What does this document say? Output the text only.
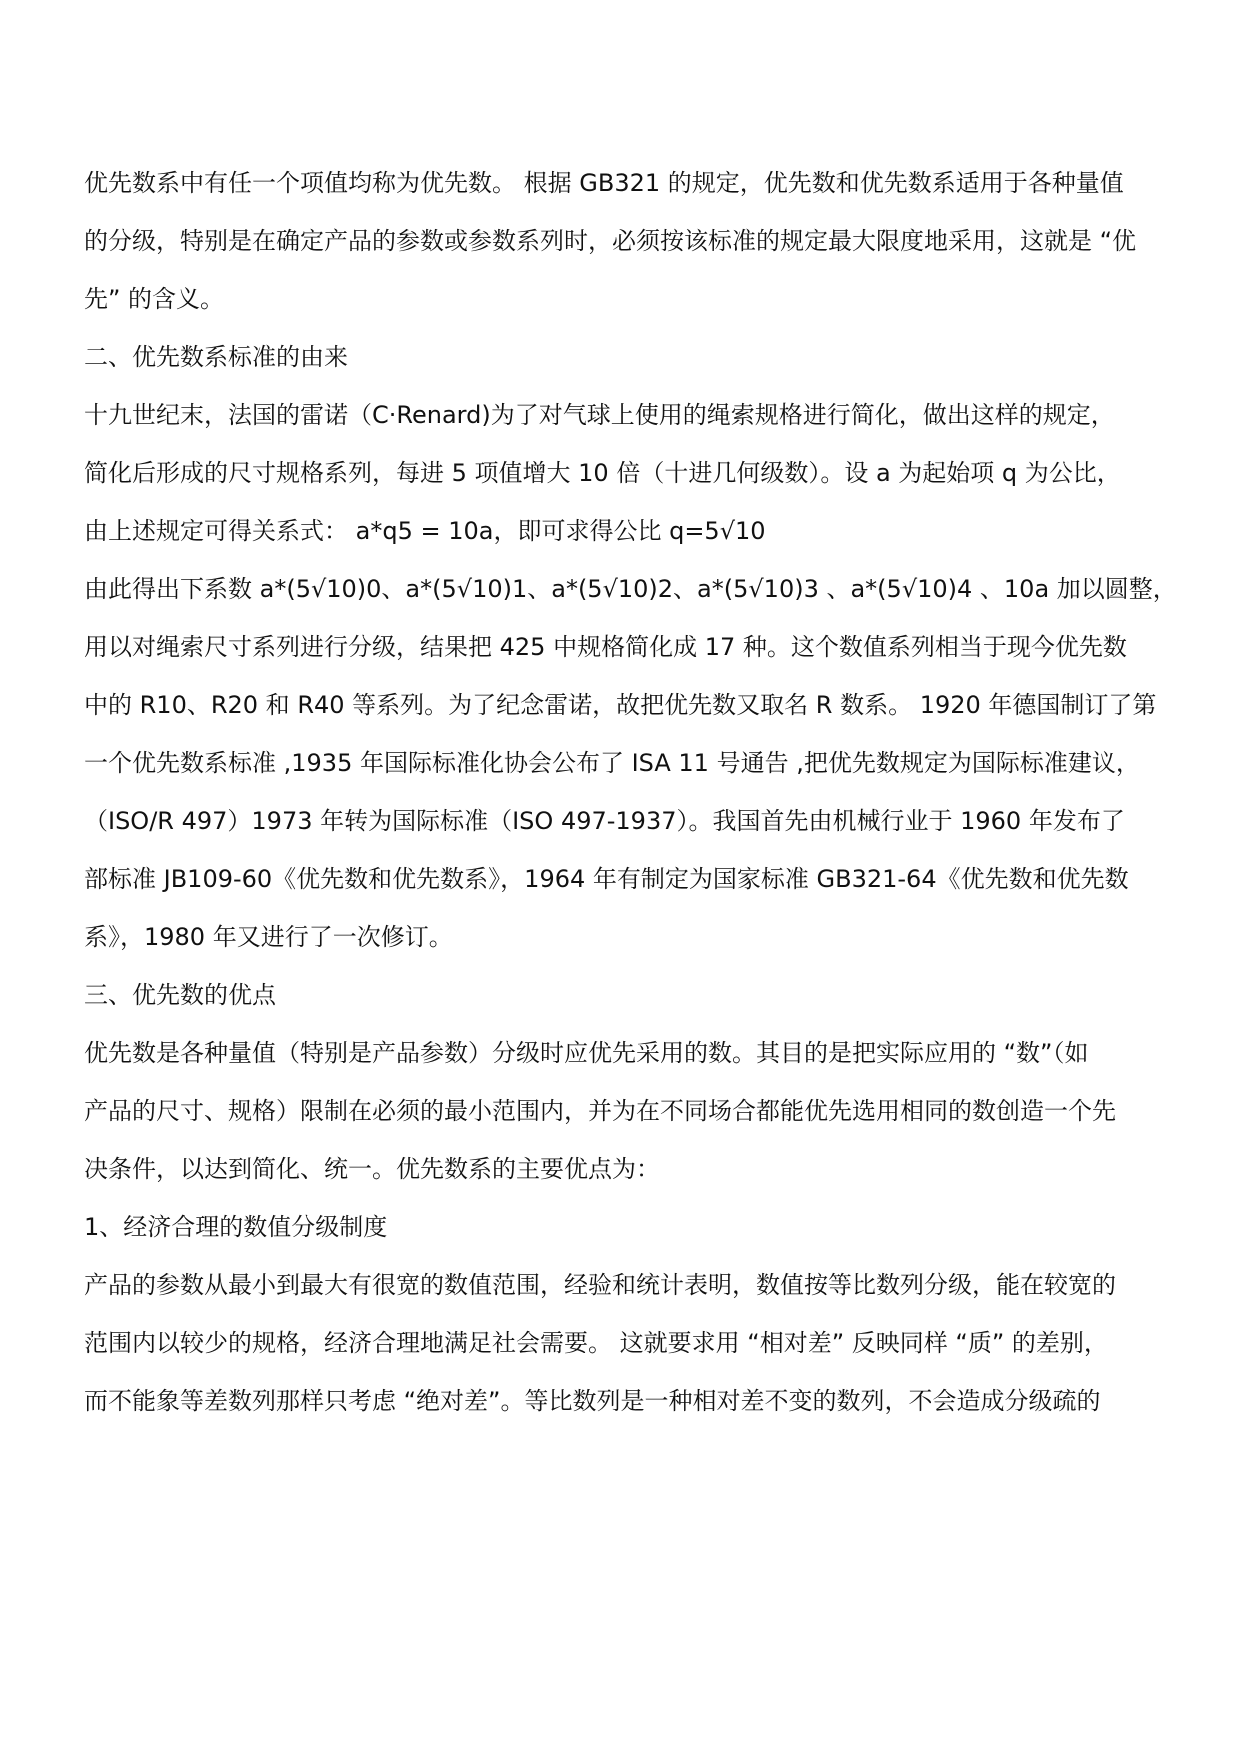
优先数系中有任一个项值均称为优先数。 根据 GB321 的规定，优先数和优先数系适用于各种量值
的分级，特别是在确定产品的参数或参数系列时，必须按该标准的规定最大限度地采用，这就是 “优
先” 的含义。
二、优先数系标准的由来
十九世纪末，法国的雷诺（C·Renard)为了对气球上使用的绳索规格进行简化，做出这样的规定，
简化后形成的尺寸规格系列，每进 5 项值增大 10 倍（十进几何级数）。设 a 为起始项 q 为公比，
由上述规定可得关系式： a*q5 = 10a，即可求得公比 q=5√10
由此得出下系数 a*(5√10)0、a*(5√10)1、a*(5√10)2、a*(5√10)3 、a*(5√10)4 、10a 加以圆整，
用以对绳索尺寸系列进行分级，结果把 425 中规格简化成 17 种。这个数值系列相当于现今优先数
中的 R10、R20 和 R40 等系列。为了纪念雷诺，故把优先数又取名 R 数系。 1920 年德国制订了第
一个优先数系标准 ,1935 年国际标准化协会公布了 ISA 11 号通告 ,把优先数规定为国际标准建议，
（ISO/R 497）1973 年转为国际标准（ISO 497-1937）。我国首先由机械行业于 1960 年发布了
部标准 JB109-60《优先数和优先数系》，1964 年有制定为国家标准 GB321-64《优先数和优先数
系》，1980 年又进行了一次修订。
三、优先数的优点
优先数是各种量值（特别是产品参数）分级时应优先采用的数。其目的是把实际应用的 “数”（如
产品的尺寸、规格）限制在必须的最小范围内，并为在不同场合都能优先选用相同的数创造一个先
决条件，以达到简化、统一。优先数系的主要优点为：
1、经济合理的数值分级制度
产品的参数从最小到最大有很宽的数值范围，经验和统计表明，数值按等比数列分级，能在较宽的
范围内以较少的规格，经济合理地满足社会需要。 这就要求用 “相对差” 反映同样 “质” 的差别，
而不能象等差数列那样只考虑 “绝对差”。等比数列是一种相对差不变的数列，不会造成分级疏的
